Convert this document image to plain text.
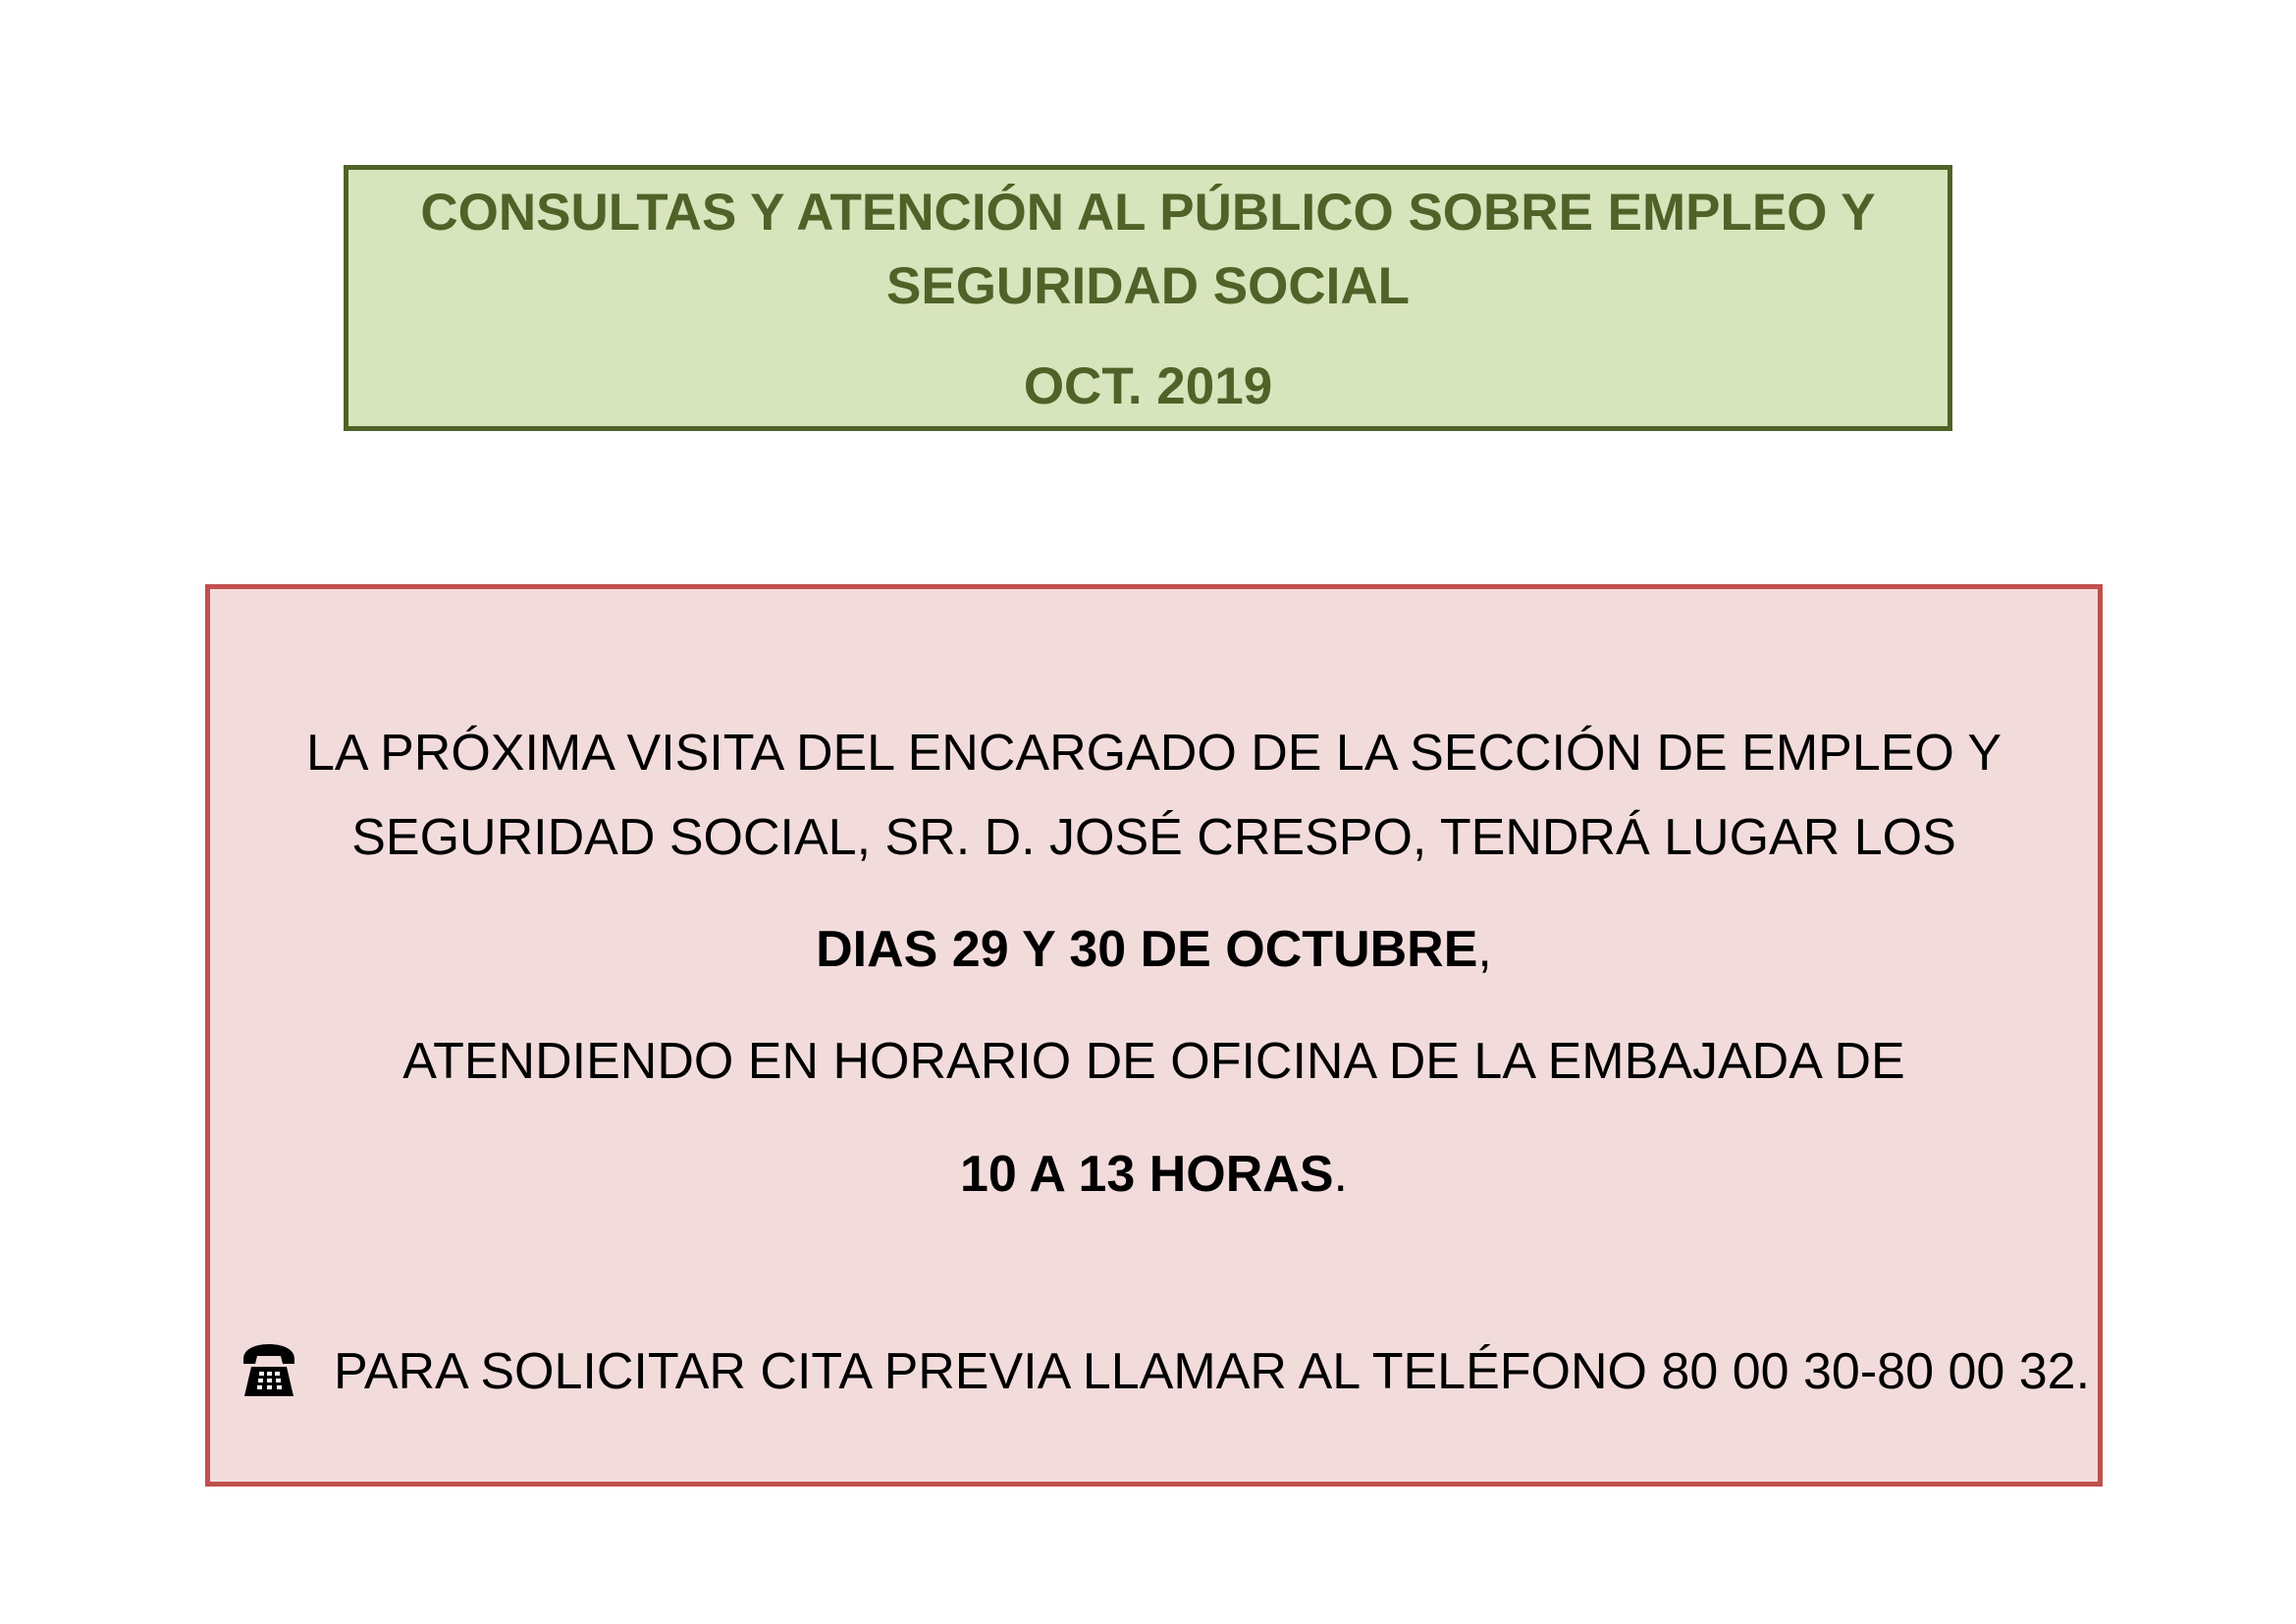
CONSULTAS Y ATENCIÓN AL PÚBLICO SOBRE EMPLEO Y
SEGURIDAD SOCIAL
OCT. 2019
LA PRÓXIMA VISITA DEL ENCARGADO DE LA SECCIÓN DE EMPLEO Y
SEGURIDAD SOCIAL, SR. D. JOSÉ CRESPO, TENDRÁ LUGAR LOS
DIAS 29 Y 30 DE OCTUBRE,
ATENDIENDO EN HORARIO DE OFICINA DE LA EMBAJADA DE
10 A 13 HORAS.
PARA SOLICITAR CITA PREVIA LLAMAR AL TELÉFONO 80 00 30-80 00 32.
